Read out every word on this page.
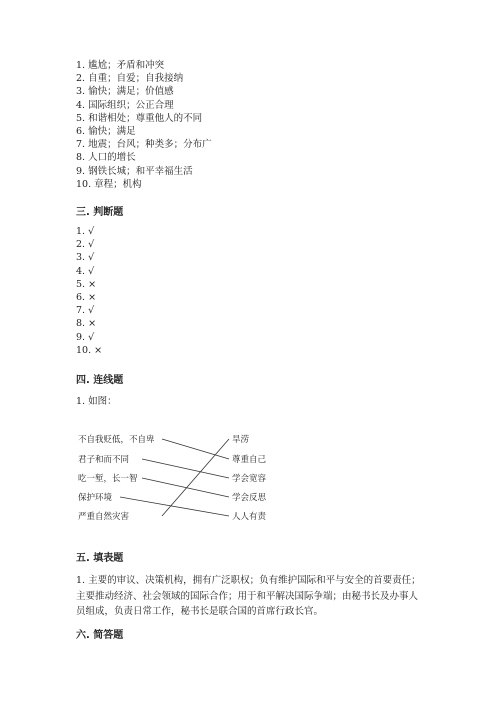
1. 尴尬；矛盾和冲突
2. 自重；自爱；自我接纳
3. 愉快；满足；价值感
4. 国际组织；公正合理
5. 和谐相处；尊重他人的不同
6. 愉快；满足
7. 地震；台风；种类多；分布广
8. 人口的增长
9. 钢铁长城；和平幸福生活
10. 章程；机构
三. 判断题
1. √
2. √
3. √
4. √
5. ×
6. ×
7. √
8. ×
9. √
10. ×
四. 连线题
1. 如图：
不自我贬低，不自卑
君子和而不同
吃一堑，长一智
保护环境
严重自然灾害
旱涝
尊重自己
学会宽容
学会反思
人人有责
五. 填表题
1. 主要的审议、决策机构，拥有广泛职权；负有维护国际和平与安全的首要责任；主要推动经济、社会领域的国际合作；用于和平解决国际争端；由秘书长及办事人员组成，负责日常工作，秘书长是联合国的首席行政长官。
六. 简答题
